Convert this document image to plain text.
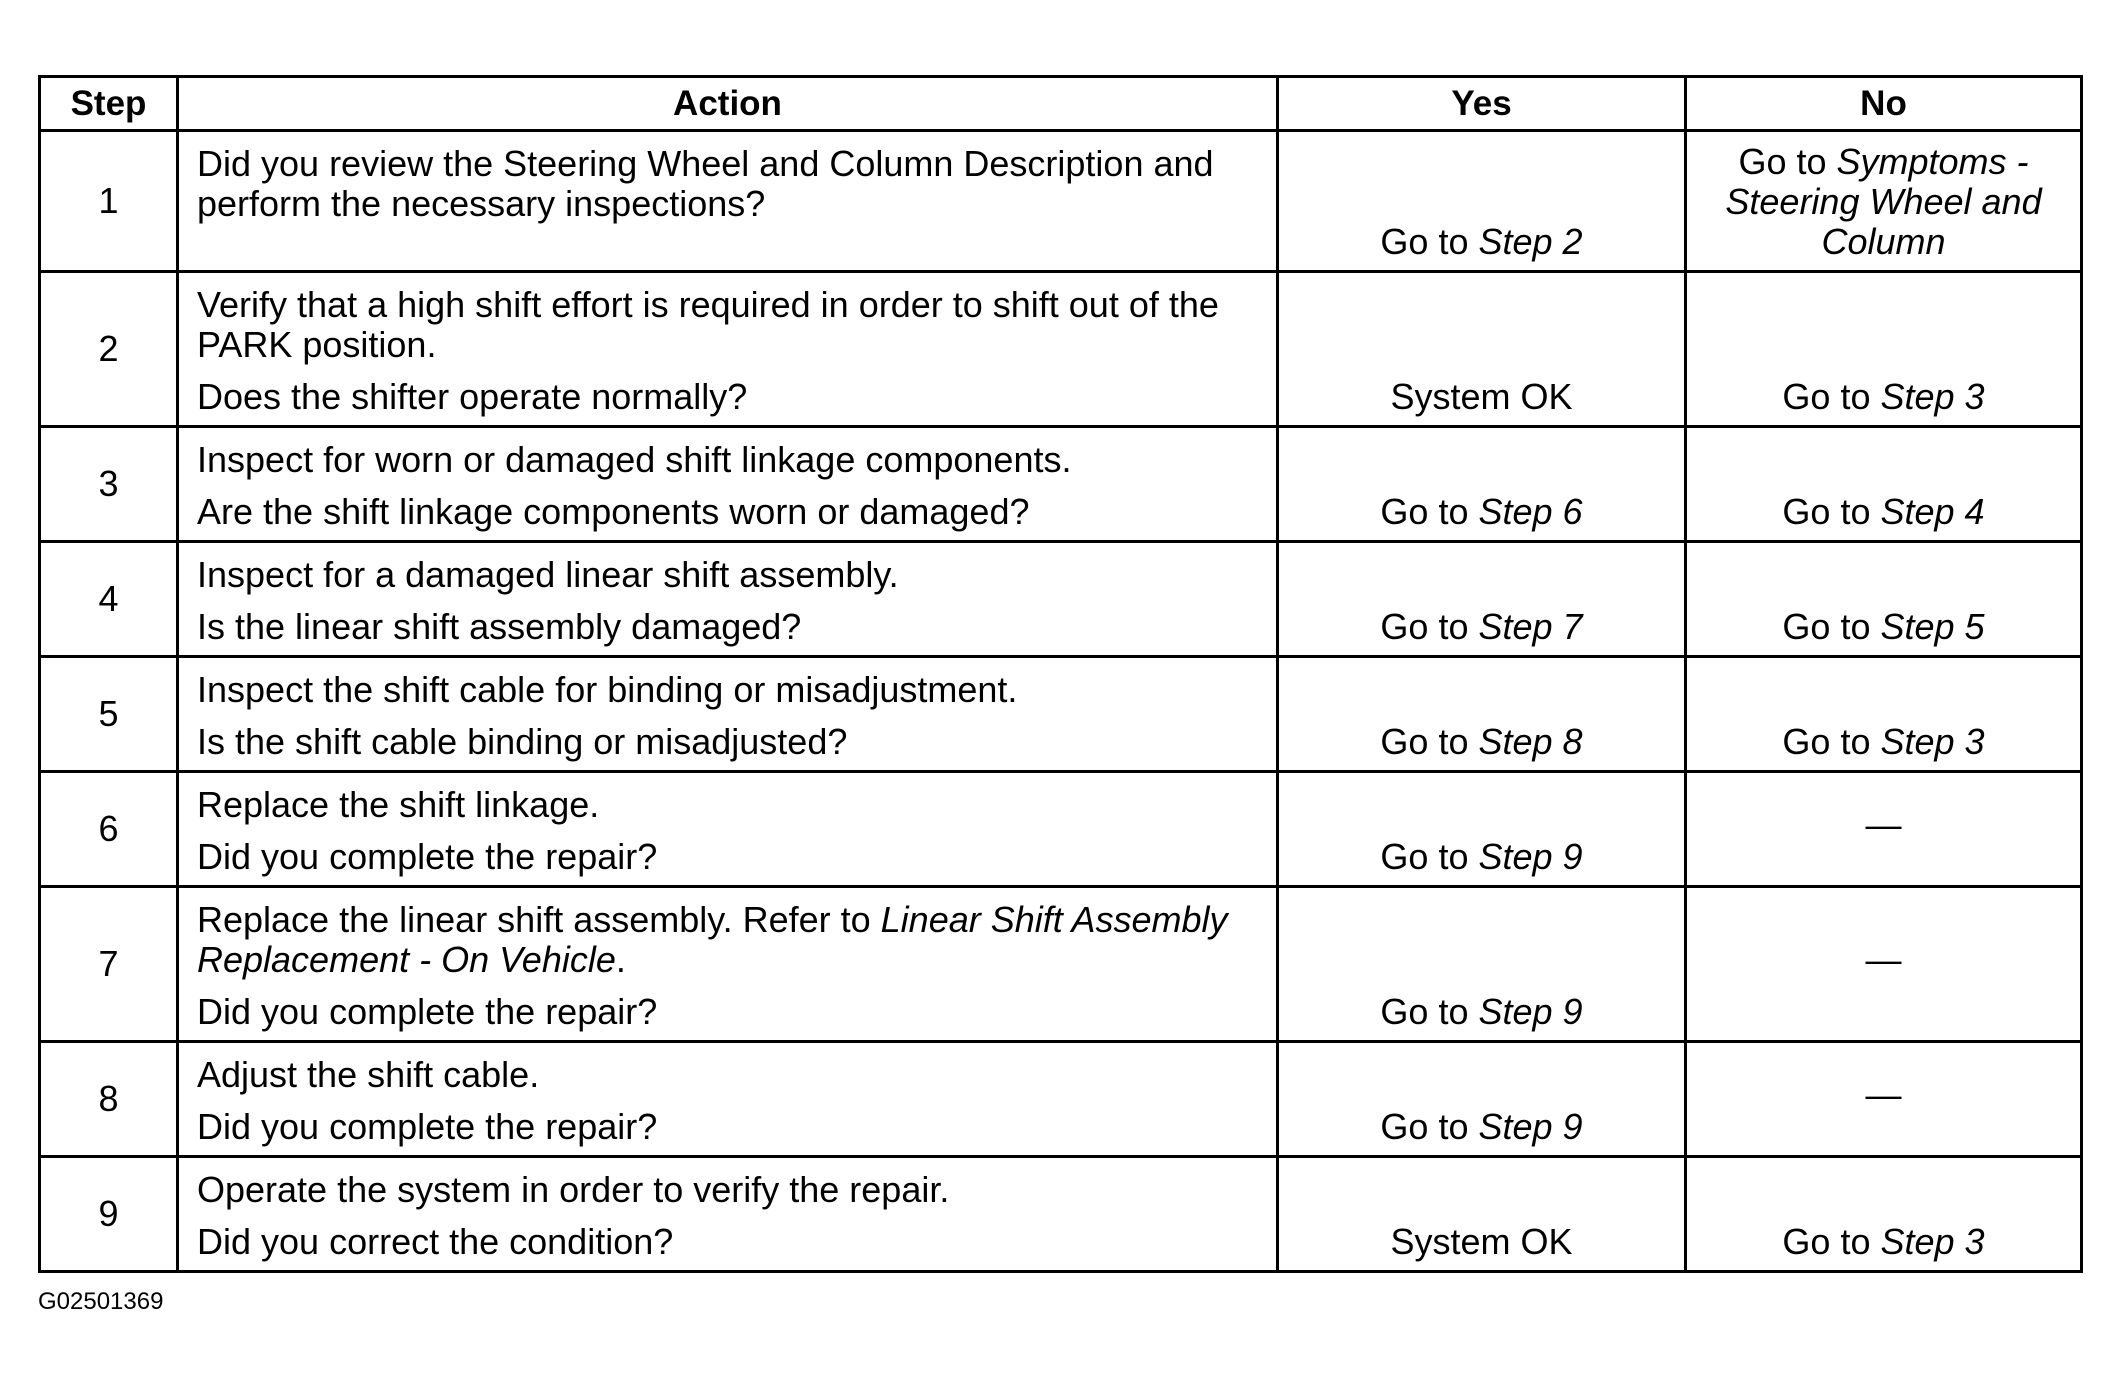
Step	Action	Yes	No
1	Did you review the Steering Wheel and Column Description and perform the necessary inspections?	Go to Step 2	Go to Symptoms - Steering Wheel and Column
2	Verify that a high shift effort is required in order to shift out of the PARK position.
Does the shifter operate normally?	System OK	Go to Step 3
3	Inspect for worn or damaged shift linkage components.
Are the shift linkage components worn or damaged?	Go to Step 6	Go to Step 4
4	Inspect for a damaged linear shift assembly.
Is the linear shift assembly damaged?	Go to Step 7	Go to Step 5
5	Inspect the shift cable for binding or misadjustment.
Is the shift cable binding or misadjusted?	Go to Step 8	Go to Step 3
6	Replace the shift linkage.
Did you complete the repair?	Go to Step 9	—
7	Replace the linear shift assembly. Refer to Linear Shift Assembly Replacement - On Vehicle.
Did you complete the repair?	Go to Step 9	—
8	Adjust the shift cable.
Did you complete the repair?	Go to Step 9	—
9	Operate the system in order to verify the repair.
Did you correct the condition?	System OK	Go to Step 3
G02501369
